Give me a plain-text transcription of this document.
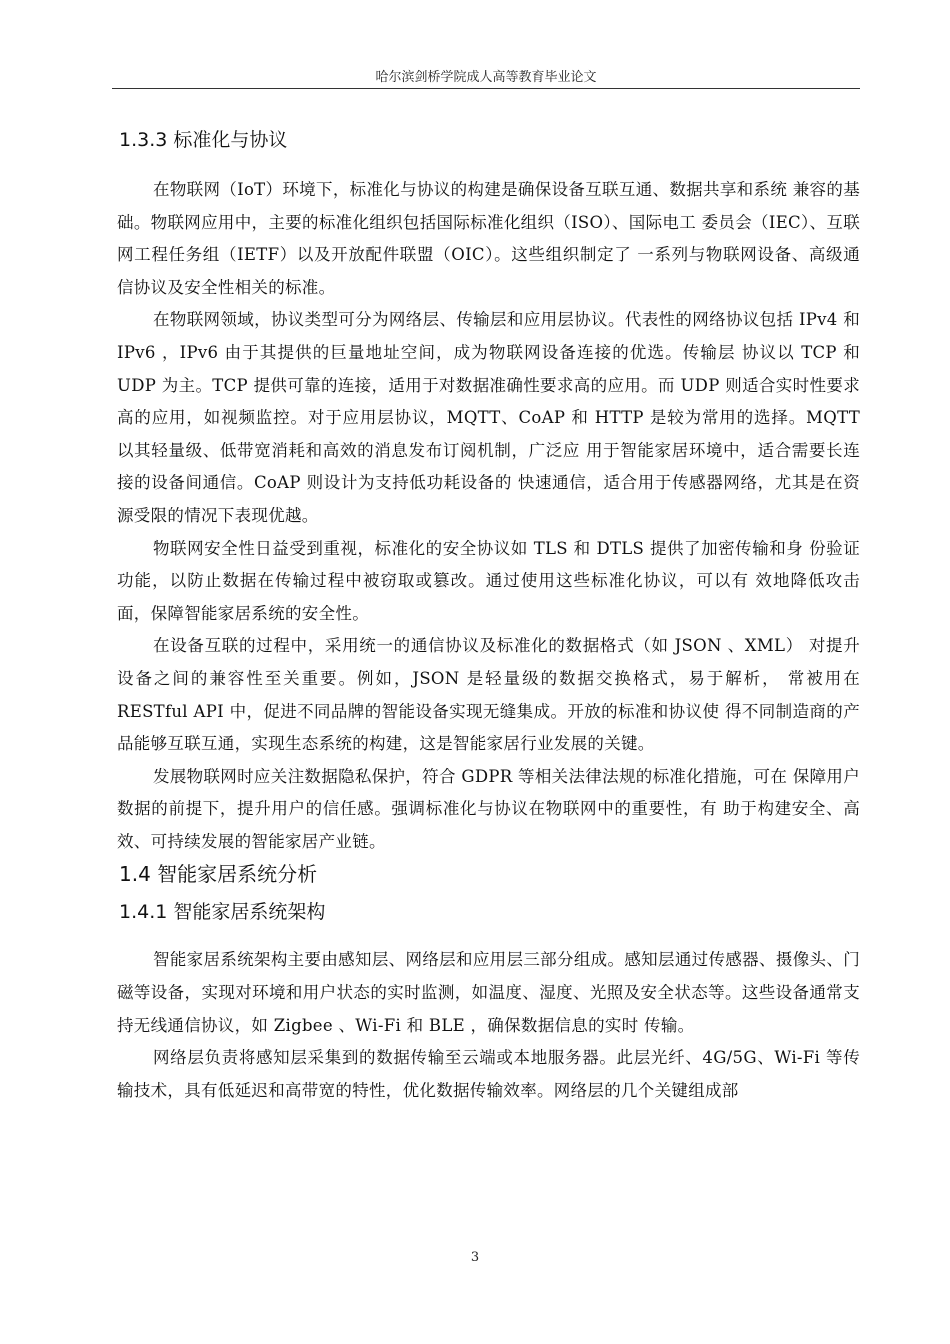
哈尔滨剑桥学院成人高等教育毕业论文
1.3.3 标准化与协议

在物联网（IoT）环境下，标准化与协议的构建是确保设备互联互通、数据共享和系统 兼容的基础。物联网应用中，主要的标准化组织包括国际标准化组织（ISO）、国际电工 委员会（IEC）、互联网工程任务组（IETF）以及开放配件联盟（OIC）。这些组织制定了 一系列与物联网设备、高级通信协议及安全性相关的标准。

在物联网领域，协议类型可分为网络层、传输层和应用层协议。代表性的网络协议包括 IPv4 和 IPv6 ，IPv6 由于其提供的巨量地址空间，成为物联网设备连接的优选。传输层 协议以 TCP 和 UDP 为主。TCP 提供可靠的连接，适用于对数据准确性要求高的应用。而 UDP 则适合实时性要求高的应用，如视频监控。对于应用层协议，MQTT、CoAP 和 HTTP 是较为常用的选择。MQTT 以其轻量级、低带宽消耗和高效的消息发布订阅机制，广泛应 用于智能家居环境中，适合需要长连接的设备间通信。CoAP 则设计为支持低功耗设备的 快速通信，适合用于传感器网络，尤其是在资源受限的情况下表现优越。

物联网安全性日益受到重视，标准化的安全协议如 TLS 和 DTLS 提供了加密传输和身 份验证功能，以防止数据在传输过程中被窃取或篡改。通过使用这些标准化协议，可以有 效地降低攻击面，保障智能家居系统的安全性。

在设备互联的过程中，采用统一的通信协议及标准化的数据格式（如 JSON 、XML） 对提升设备之间的兼容性至关重要。例如，JSON 是轻量级的数据交换格式，易于解析， 常被用在 RESTful API 中，促进不同品牌的智能设备实现无缝集成。开放的标准和协议使 得不同制造商的产品能够互联互通，实现生态系统的构建，这是智能家居行业发展的关键。

发展物联网时应关注数据隐私保护，符合 GDPR 等相关法律法规的标准化措施，可在 保障用户数据的前提下，提升用户的信任感。强调标准化与协议在物联网中的重要性，有 助于构建安全、高效、可持续发展的智能家居产业链。

1.4 智能家居系统分析
1.4.1 智能家居系统架构

智能家居系统架构主要由感知层、网络层和应用层三部分组成。感知层通过传感器、摄像头、门磁等设备，实现对环境和用户状态的实时监测，如温度、湿度、光照及安全状态等。这些设备通常支持无线通信协议，如 Zigbee 、Wi-Fi 和 BLE ，确保数据信息的实时 传输。

网络层负责将感知层采集到的数据传输至云端或本地服务器。此层光纤、4G/5G、Wi-Fi 等传输技术，具有低延迟和高带宽的特性，优化数据传输效率。网络层的几个关键组成部

3
